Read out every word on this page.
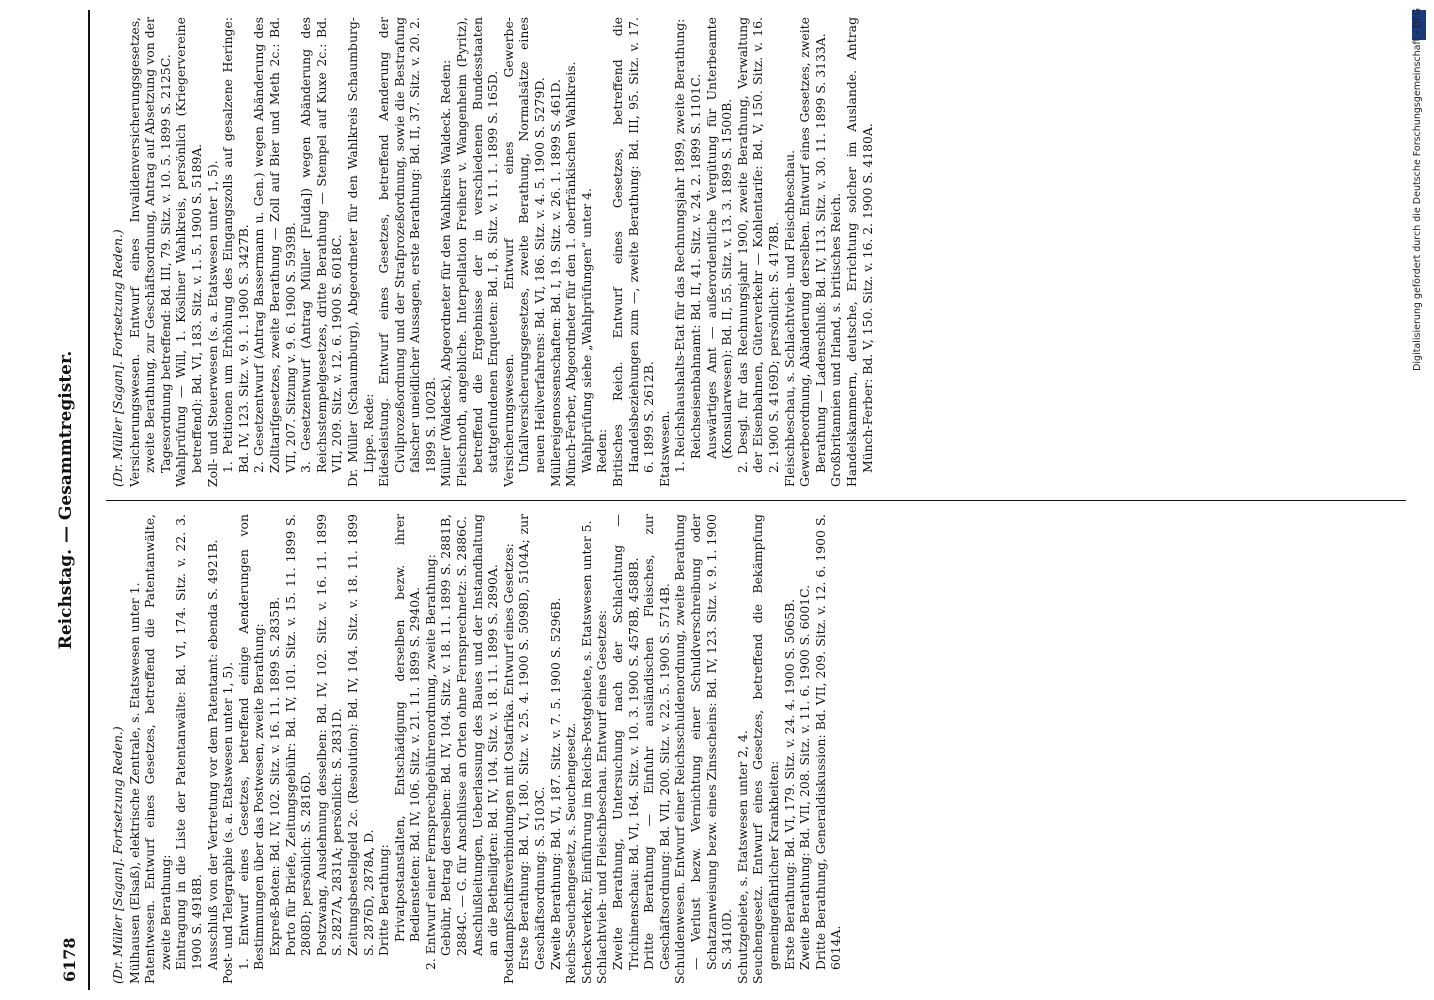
6178
Reichstag. — Gesammtregister.

(Dr. Müller [Sagan]. Fortsetzung Reden.) Mülhausen (Elsaß), elektrische Zentrale, s. Etatswesen unter 1. Patentwesen. Entwurf eines Gesetzes, betreffend die Patentanwälte, zweite Berathung: Eintragung in die Liste der Patentanwälte: Bd. VI, 174. Sitz. v. 22. 3. 1900 S. 4918B. Ausschluß von der Vertretung vor dem Patentamt: ebenda S. 4921B. Post- und Telegraphie (s. a. Etatswesen unter 1, 5). 1. Entwurf eines Gesetzes, betreffend einige Aenderungen von Bestimmungen über das Postwesen, zweite Berathung: Expreß-Boten: Bd. IV, 102. Sitz. v. 16. 11. 1899 S. 2835B. Porto für Briefe, Zeitungsgebühr: Bd. IV, 101. Sitz. v. 15. 11. 1899 S. 2808D; persönlich: S. 2816D. Postzwang, Ausdehnung desselben: Bd. IV, 102. Sitz. v. 16. 11. 1899 S. 2827A, 2831A; persönlich: S. 2831D. Zeitungsbestellgeld 2c. (Resolution): Bd. IV, 104. Sitz. v. 18. 11. 1899 S. 2876D, 2878A, D. Dritte Berathung: Privatpostanstalten, Entschädigung derselben bezw. ihrer Bediensteten: Bd. IV, 106. Sitz. v. 21. 11. 1899 S. 2940A. 2. Entwurf einer Fernsprechgebührenordnung, zweite Berathung: Gebühr, Betrag derselben: Bd. IV, 104. Sitz. v. 18. 11. 1899 S. 2881B, 2884C. — G. für Anschlüsse an Orten ohne Fernsprechnetz: S. 2886C. Anschlußleitungen, Ueberlassung des Baues und der Instandhaltung an die Betheiligten: Bd. IV, 104. Sitz. v. 18. 11. 1899 S. 2890A. Postdampfschiffsverbindungen mit Ostafrika. Entwurf eines Gesetzes: Erste Berathung: Bd. VI, 180. Sitz. v. 25. 4. 1900 S. 5098D, 5104A; zur Geschäftsordnung: S. 5103C. Zweite Berathung: Bd. VI, 187. Sitz. v. 7. 5. 1900 S. 5296B. Reichs-Seuchengesetz, s. Seuchengesetz. Scheckverkehr, Einführung im Reichs-Postgebiete, s. Etatswesen unter 5. Schlachtvieh- und Fleischbeschau. Entwurf eines Gesetzes: Zweite Berathung, Untersuchung nach der Schlachtung — Trichinenschau: Bd. VI, 164. Sitz. v. 10. 3. 1900 S. 4578B, 4588B. Dritte Berathung — Einfuhr ausländischen Fleisches, zur Geschäftsordnung: Bd. VII, 200. Sitz. v. 22. 5. 1900 S. 5714B. Schuldenwesen. Entwurf einer Reichsschuldenordnung, zweite Berathung — Verlust bezw. Vernichtung einer Schuldverschreibung oder Schatzanweisung bezw. eines Zinsscheins: Bd. IV, 123. Sitz. v. 9. 1. 1900 S. 3410D. Schutzgebiete, s. Etatswesen unter 2, 4. Seuchengesetz. Entwurf eines Gesetzes, betreffend die Bekämpfung gemeingefährlicher Krankheiten: Erste Berathung: Bd. VI, 179. Sitz. v. 24. 4. 1900 S. 5065B. Zweite Berathung: Bd. VII, 208. Sitz. v. 11. 6. 1900 S. 6001C. Dritte Berathung, Generaldiskussion: Bd. VII, 209. Sitz. v. 12. 6. 1900 S. 6014A.

(Dr. Müller [Sagan]. Fortsetzung Reden.) Versicherungswesen. Entwurf eines Invalidenversicherungsgesetzes, zweite Berathung, zur Geschäftsordnung, Antrag auf Absetzung von der Tagesordnung betreffend: Bd. III, 79. Sitz. v. 10. 5. 1899 S. 2125C. Wahlprüfung — Will, 1. Kösliner Wahlkreis, persönlich (Kriegervereine betreffend): Bd. VI, 183. Sitz. v. 1. 5. 1900 S. 5189A. Zoll- und Steuerwesen (s. a. Etatswesen unter 1, 5). 1. Petitionen um Erhöhung des Eingangszolls auf gesalzene Heringe: Bd. IV, 123. Sitz. v. 9. 1. 1900 S. 3427B. 2. Gesetzentwurf (Antrag Bassermann u. Gen.) wegen Abänderung des Zolltarifgesetzes, zweite Berathung — Zoll auf Bier und Meth 2c.: Bd. VII, 207. Sitzung v. 9. 6. 1900 S. 5939B. 3. Gesetzentwurf (Antrag Müller [Fulda]) wegen Abänderung des Reichsstempelgesetzes, dritte Berathung — Stempel auf Kuxe 2c.: Bd. VII, 209. Sitz. v. 12. 6. 1900 S. 6018C. Dr. Müller (Schaumburg), Abgeordneter für den Wahlkreis Schaumburg-Lippe. Rede: Eidesleistung. Entwurf eines Gesetzes, betreffend Aenderung der Civilprozeßordnung und der Strafprozeßordnung, sowie die Bestrafung falscher uneidlicher Aussagen, erste Berathung: Bd. II, 37. Sitz. v. 20. 2. 1899 S. 1002B. Müller (Waldeck), Abgeordneter für den Wahlkreis Waldeck. Reden: Fleischnoth, angebliche. Interpellation Freiherr v. Wangenheim (Pyritz), betreffend die Ergebnisse der in verschiedenen Bundesstaaten stattgefundenen Enqueten: Bd. I, 8. Sitz. v. 11. 1. 1899 S. 165D. Versicherungswesen. Entwurf eines Gewerbe-Unfallversicherungsgesetzes, zweite Berathung, Normalsätze eines neuen Heilverfahrens: Bd. VI, 186. Sitz. v. 4. 5. 1900 S. 5279D. Müllereigenossenschaften: Bd. I, 19. Sitz. v. 26. 1. 1899 S. 461D. Münch-Ferber, Abgeordneter für den 1. oberfränkischen Wahlkreis. Wahlprüfung siehe „Wahlprüfungen“ unter 4. Reden: Britisches Reich. Entwurf eines Gesetzes, betreffend die Handelsbeziehungen zum —, zweite Berathung: Bd. III, 95. Sitz. v. 17. 6. 1899 S. 2612B. Etatswesen. 1. Reichshaushalts-Etat für das Rechnungsjahr 1899, zweite Berathung: Reichseisenbahnamt: Bd. II, 41. Sitz. v. 24. 2. 1899 S. 1101C. Auswärtiges Amt — außerordentliche Vergütung für Unterbeamte (Konsularwesen): Bd. II, 55. Sitz. v. 13. 3. 1899 S. 1500B. 2. Desgl. für das Rechnungsjahr 1900, zweite Berathung, Verwaltung der Eisenbahnen, Güterverkehr — Kohlentarife: Bd. V, 150. Sitz. v. 16. 2. 1900 S. 4169D; persönlich: S. 4178B. Fleischbeschau, s. Schlachtvieh- und Fleischbeschau. Gewerbeordnung, Abänderung derselben. Entwurf eines Gesetzes, zweite Berathung — Ladenschluß: Bd. IV, 113. Sitz. v. 30. 11. 1899 S. 3133A. Großbritannien und Irland, s. britisches Reich. Handelskammern, deutsche, Errichtung solcher im Auslande. Antrag Münch-Ferber: Bd. V, 150. Sitz. v. 16. 2. 1900 S. 4180A.	Digitalisierung gefördert durch die Deutsche Forschungsgemeinschaft - DFG
